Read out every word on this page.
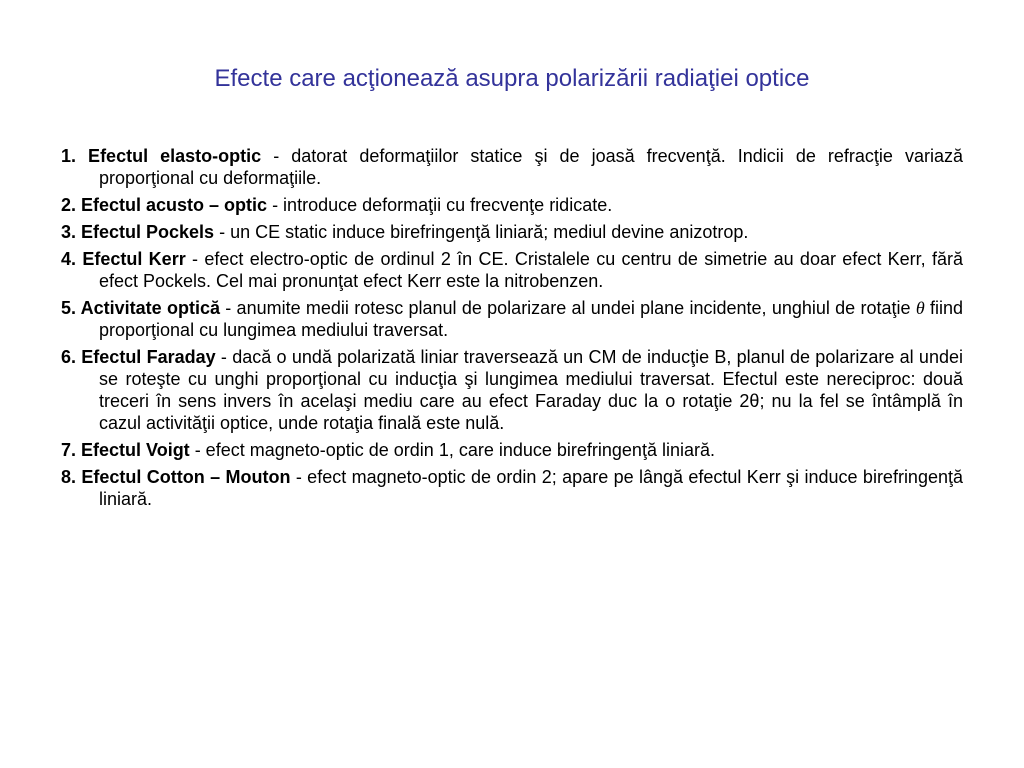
Efecte care acţionează asupra polarizării radiaţiei optice
1. Efectul elasto-optic - datorat deformaţiilor statice şi de joasă frecvenţă. Indicii de refracţie variază proporţional cu deformaţiile.
2. Efectul acusto – optic - introduce deformaţii cu frecvenţe ridicate.
3. Efectul Pockels - un CE static induce birefringenţă liniară; mediul devine anizotrop.
4. Efectul Kerr - efect electro-optic de ordinul 2 în CE. Cristalele cu centru de simetrie au doar efect Kerr, fără efect Pockels. Cel mai pronunţat efect Kerr este la nitrobenzen.
5. Activitate optică - anumite medii rotesc planul de polarizare al undei plane incidente, unghiul de rotaţie θ fiind proporţional cu lungimea mediului traversat.
6. Efectul Faraday - dacă o undă polarizată liniar traversează un CM de inducţie B, planul de polarizare al undei se roteşte cu unghi proporţional cu inducţia şi lungimea mediului traversat. Efectul este nereciproc: două treceri în sens invers în acelaşi mediu care au efect Faraday duc la o rotaţie 2θ; nu la fel se întâmplă în cazul activităţii optice, unde rotaţia finală este nulă.
7. Efectul Voigt - efect magneto-optic de ordin 1, care induce birefringenţă liniară.
8. Efectul Cotton – Mouton - efect magneto-optic de ordin 2; apare pe lângă efectul Kerr şi induce birefringenţă liniară.
